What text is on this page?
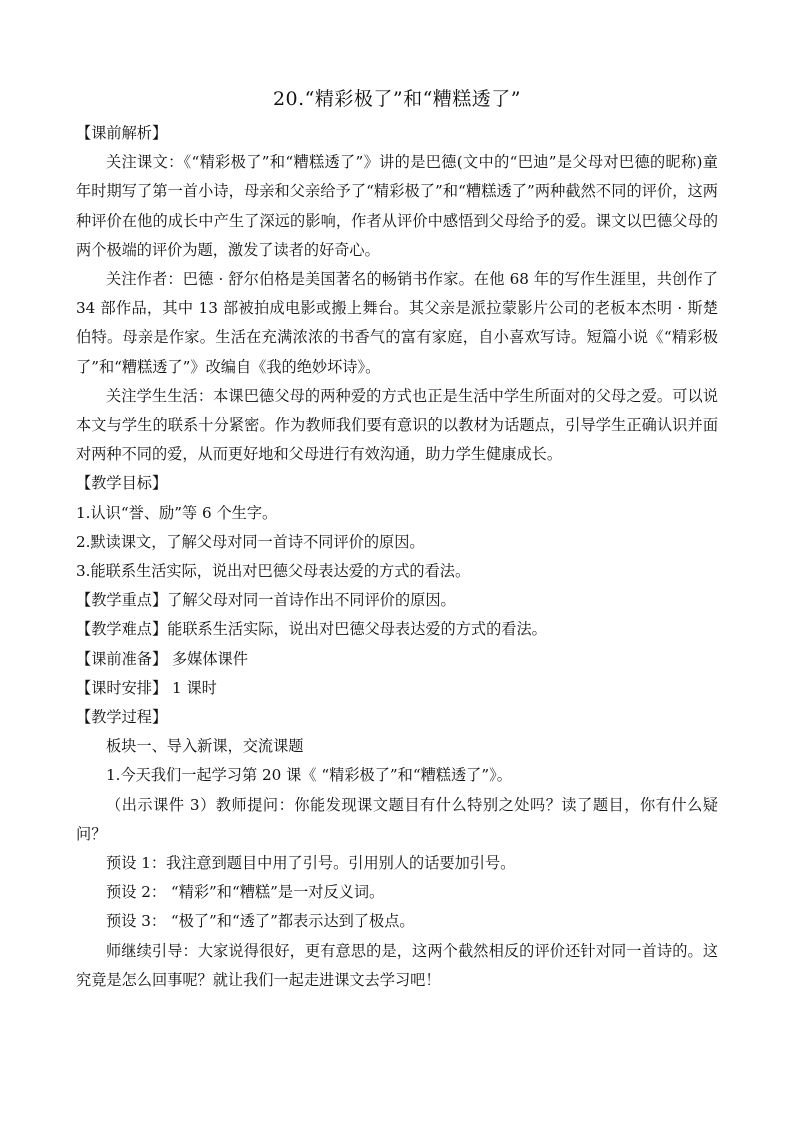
20.“精彩极了”和“糟糕透了”

【课前解析】

关注课文：《“精彩极了”和“糟糕透了”》讲的是巴德(文中的“巴迪”是父母对巴德的昵称)童年时期写了第一首小诗，母亲和父亲给予了“精彩极了”和“糟糕透了”两种截然不同的评价，这两种评价在他的成长中产生了深远的影响，作者从评价中感悟到父母给予的爱。课文以巴德父母的两个极端的评价为题，激发了读者的好奇心。

关注作者：巴德 · 舒尔伯格是美国著名的畅销书作家。在他 68 年的写作生涯里，共创作了 34 部作品，其中 13 部被拍成电影或搬上舞台。其父亲是派拉蒙影片公司的老板本杰明 · 斯楚伯特。母亲是作家。生活在充满浓浓的书香气的富有家庭，自小喜欢写诗。短篇小说《“精彩极了”和“糟糕透了”》改编自《我的绝妙坏诗》。

关注学生生活：本课巴德父母的两种爱的方式也正是生活中学生所面对的父母之爱。可以说本文与学生的联系十分紧密。作为教师我们要有意识的以教材为话题点，引导学生正确认识并面对两种不同的爱，从而更好地和父母进行有效沟通，助力学生健康成长。

【教学目标】

1.认识“誉、励”等 6 个生字。

2.默读课文，了解父母对同一首诗不同评价的原因。

3.能联系生活实际，说出对巴德父母表达爱的方式的看法。

【教学重点】了解父母对同一首诗作出不同评价的原因。

【教学难点】能联系生活实际，说出对巴德父母表达爱的方式的看法。

【课前准备】 多媒体课件

【课时安排】 1 课时

【教学过程】

板块一、导入新课，交流课题

1.今天我们一起学习第 20 课《 “精彩极了”和“糟糕透了”》。

（出示课件 3）教师提问：你能发现课文题目有什么特别之处吗？读了题目，你有什么疑问？

预设 1：我注意到题目中用了引号。引用别人的话要加引号。

预设 2： “精彩”和“糟糕”是一对反义词。

预设 3： “极了”和“透了”都表示达到了极点。

师继续引导：大家说得很好，更有意思的是，这两个截然相反的评价还针对同一首诗的。这究竟是怎么回事呢？就让我们一起走进课文去学习吧！
